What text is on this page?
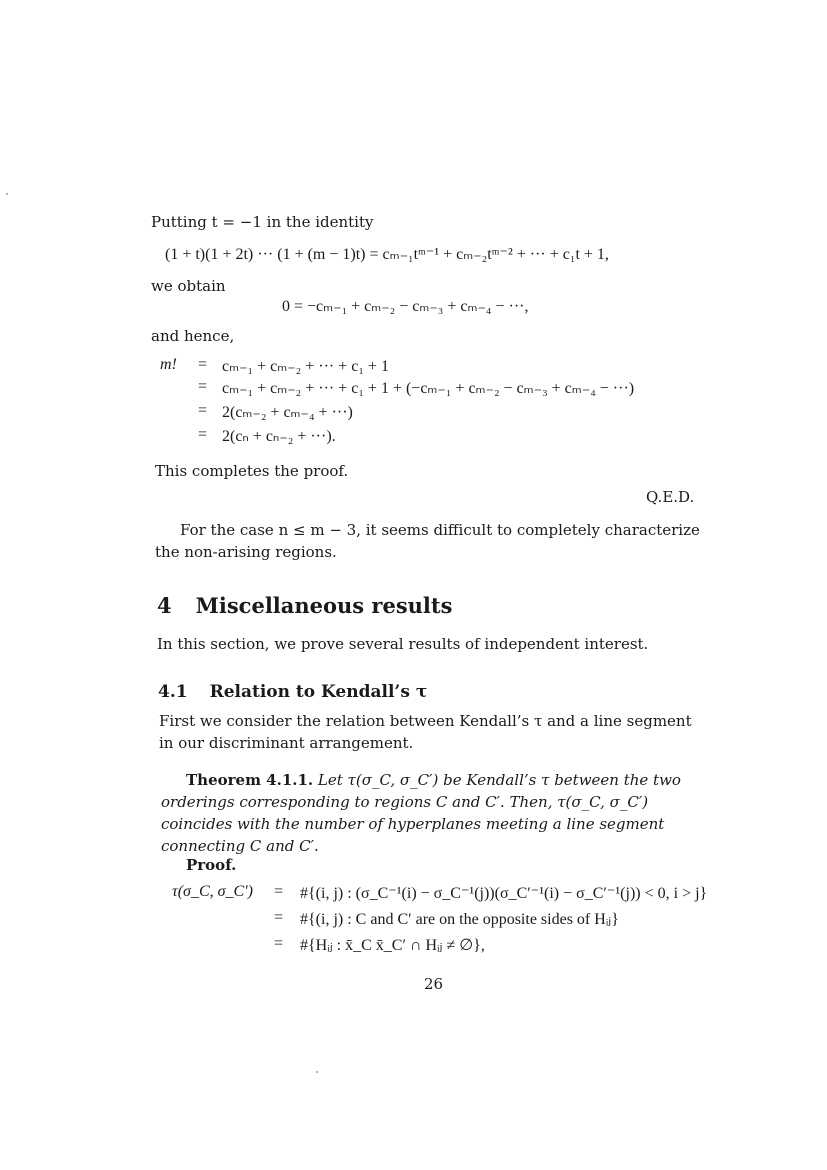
Putting t = −1 in the identity
(1 + t)(1 + 2t) ··· (1 + (m − 1)t) = cₘ₋₁tᵐ⁻¹ + cₘ₋₂tᵐ⁻² + ··· + c₁t + 1,
we obtain
0 = −cₘ₋₁ + cₘ₋₂ − cₘ₋₃ + cₘ₋₄ − ···,
and hence,
m! = cₘ₋₁ + cₘ₋₂ + ··· + c₁ + 1
= cₘ₋₁ + cₘ₋₂ + ··· + c₁ + 1 + (−cₘ₋₁ + cₘ₋₂ − cₘ₋₃ + cₘ₋₄ − ···)
= 2(cₘ₋₂ + cₘ₋₄ + ···)
= 2(cₙ + cₙ₋₂ + ···).
This completes the proof.
Q.E.D.
For the case n ≤ m − 3, it seems difficult to completely characterize the non-arising regions.
4 Miscellaneous results
In this section, we prove several results of independent interest.
4.1 Relation to Kendall’s τ
First we consider the relation between Kendall’s τ and a line segment in our discriminant arrangement.
Theorem 4.1.1. Let τ(σ_C, σ_C′) be Kendall’s τ between the two orderings corresponding to regions C and C′. Then, τ(σ_C, σ_C′) coincides with the number of hyperplanes meeting a line segment connecting C and C′.
Proof.
τ(σ_C, σ_C′) = #{(i, j) : (σ_C⁻¹(i) − σ_C⁻¹(j))(σ_C′⁻¹(i) − σ_C′⁻¹(j)) < 0, i > j}
= #{(i, j) : C and C′ are on the opposite sides of Hᵢⱼ}
= #{Hᵢⱼ : x̄_C x̄_C′ ∩ Hᵢⱼ ≠ ∅},
26
